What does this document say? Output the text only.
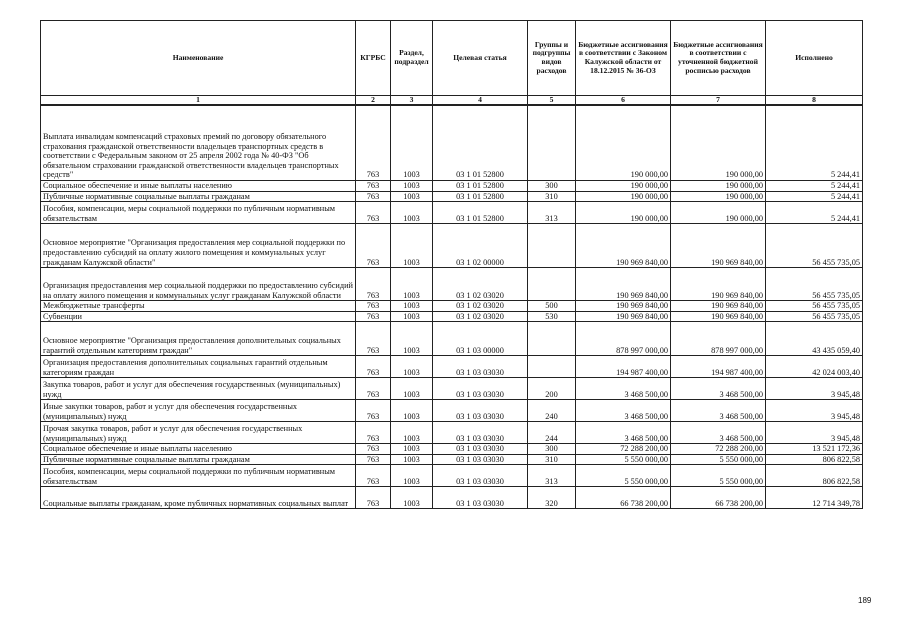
Наименование	КГРБС	Раздел, подраздел	Целевая статья	Группы и подгруппы видов расходов	Бюджетные ассигнования в соответствии с Законом Калужской области от 18.12.2015 № 36-ОЗ	Бюджетные ассигнования в соответствии с уточненной бюджетной росписью расходов	Исполнено
1	2	3	4	5	6	7	8
Выплата инвалидам компенсаций страховых премий по договору обязательного страхования гражданской ответственности владельцев транспортных средств в соответствии с Федеральным законом от 25 апреля 2002 года № 40-ФЗ "Об обязательном страховании гражданской ответственности владельцев транспортных средств"	763	1003	03 1 01 52800		190 000,00	190 000,00	5 244,41
Социальное обеспечение и иные выплаты населению	763	1003	03 1 01 52800	300	190 000,00	190 000,00	5 244,41
Публичные нормативные социальные выплаты гражданам	763	1003	03 1 01 52800	310	190 000,00	190 000,00	5 244,41
Пособия, компенсации, меры социальной поддержки по публичным нормативным обязательствам	763	1003	03 1 01 52800	313	190 000,00	190 000,00	5 244,41
Основное мероприятие "Организация предоставления мер социальной поддержки по предоставлению субсидий на оплату жилого помещения и коммунальных услуг гражданам Калужской области"	763	1003	03 1 02 00000		190 969 840,00	190 969 840,00	56 455 735,05
Организация предоставления мер социальной поддержки по предоставлению субсидий на оплату жилого помещения и коммунальных услуг гражданам Калужской области	763	1003	03 1 02 03020		190 969 840,00	190 969 840,00	56 455 735,05
Межбюджетные трансферты	763	1003	03 1 02 03020	500	190 969 840,00	190 969 840,00	56 455 735,05
Субвенции	763	1003	03 1 02 03020	530	190 969 840,00	190 969 840,00	56 455 735,05
Основное мероприятие "Организация предоставления дополнительных социальных гарантий отдельным категориям граждан"	763	1003	03 1 03 00000		878 997 000,00	878 997 000,00	43 435 059,40
Организация предоставления дополнительных социальных гарантий отдельным категориям граждан	763	1003	03 1 03 03030		194 987 400,00	194 987 400,00	42 024 003,40
Закупка товаров, работ и услуг для обеспечения государственных (муниципальных) нужд	763	1003	03 1 03 03030	200	3 468 500,00	3 468 500,00	3 945,48
Иные закупки товаров, работ и услуг для обеспечения государственных (муниципальных) нужд	763	1003	03 1 03 03030	240	3 468 500,00	3 468 500,00	3 945,48
Прочая закупка товаров, работ и услуг для обеспечения государственных (муниципальных) нужд	763	1003	03 1 03 03030	244	3 468 500,00	3 468 500,00	3 945,48
Социальное обеспечение и иные выплаты населению	763	1003	03 1 03 03030	300	72 288 200,00	72 288 200,00	13 521 172,36
Публичные нормативные социальные выплаты гражданам	763	1003	03 1 03 03030	310	5 550 000,00	5 550 000,00	806 822,58
Пособия, компенсации, меры социальной поддержки по публичным нормативным обязательствам	763	1003	03 1 03 03030	313	5 550 000,00	5 550 000,00	806 822,58
Социальные выплаты гражданам, кроме публичных нормативных социальных выплат	763	1003	03 1 03 03030	320	66 738 200,00	66 738 200,00	12 714 349,78
189
